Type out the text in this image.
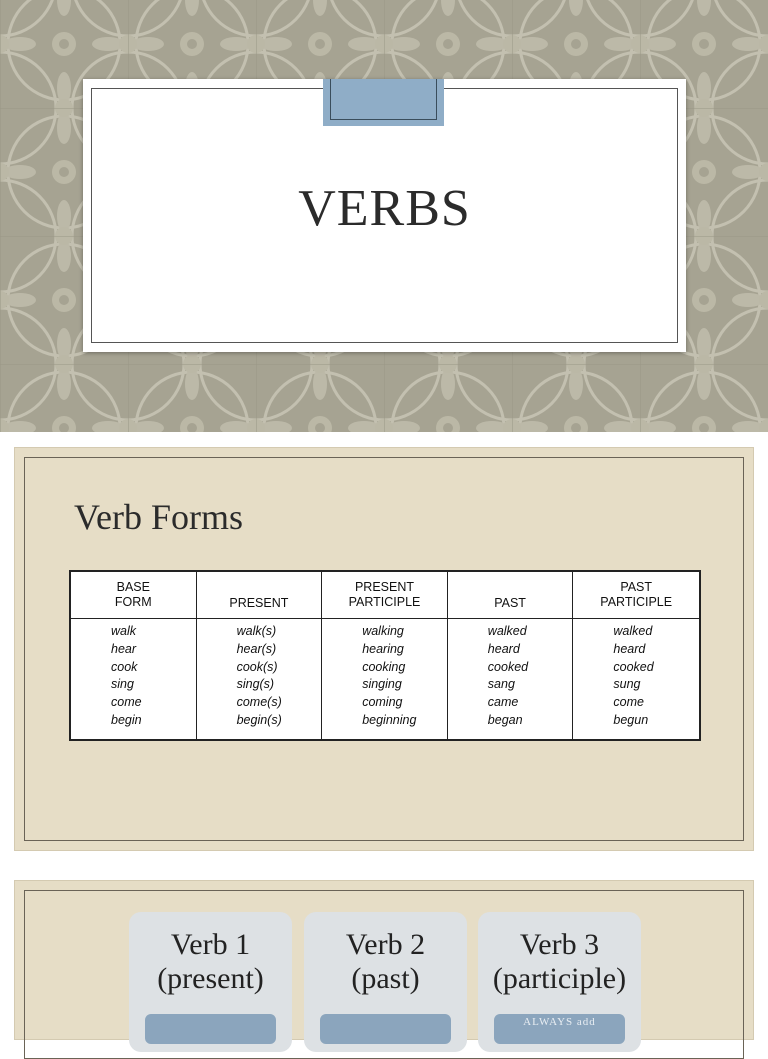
VERBS
Verb Forms
BASE
FORM
walk
hear
cook
sing
come
begin
PRESENT
walk(s)
hear(s)
cook(s)
sing(s)
come(s)
begin(s)
PRESENT
PARTICIPLE
walking
hearing
cooking
singing
coming
beginning
PAST
walked
heard
cooked
sang
came
began
PAST
PARTICIPLE
walked
heard
cooked
sung
come
begun
Verb 1
(present)
Verb 2
(past)
Verb 3
(participle)
ALWAYS add
